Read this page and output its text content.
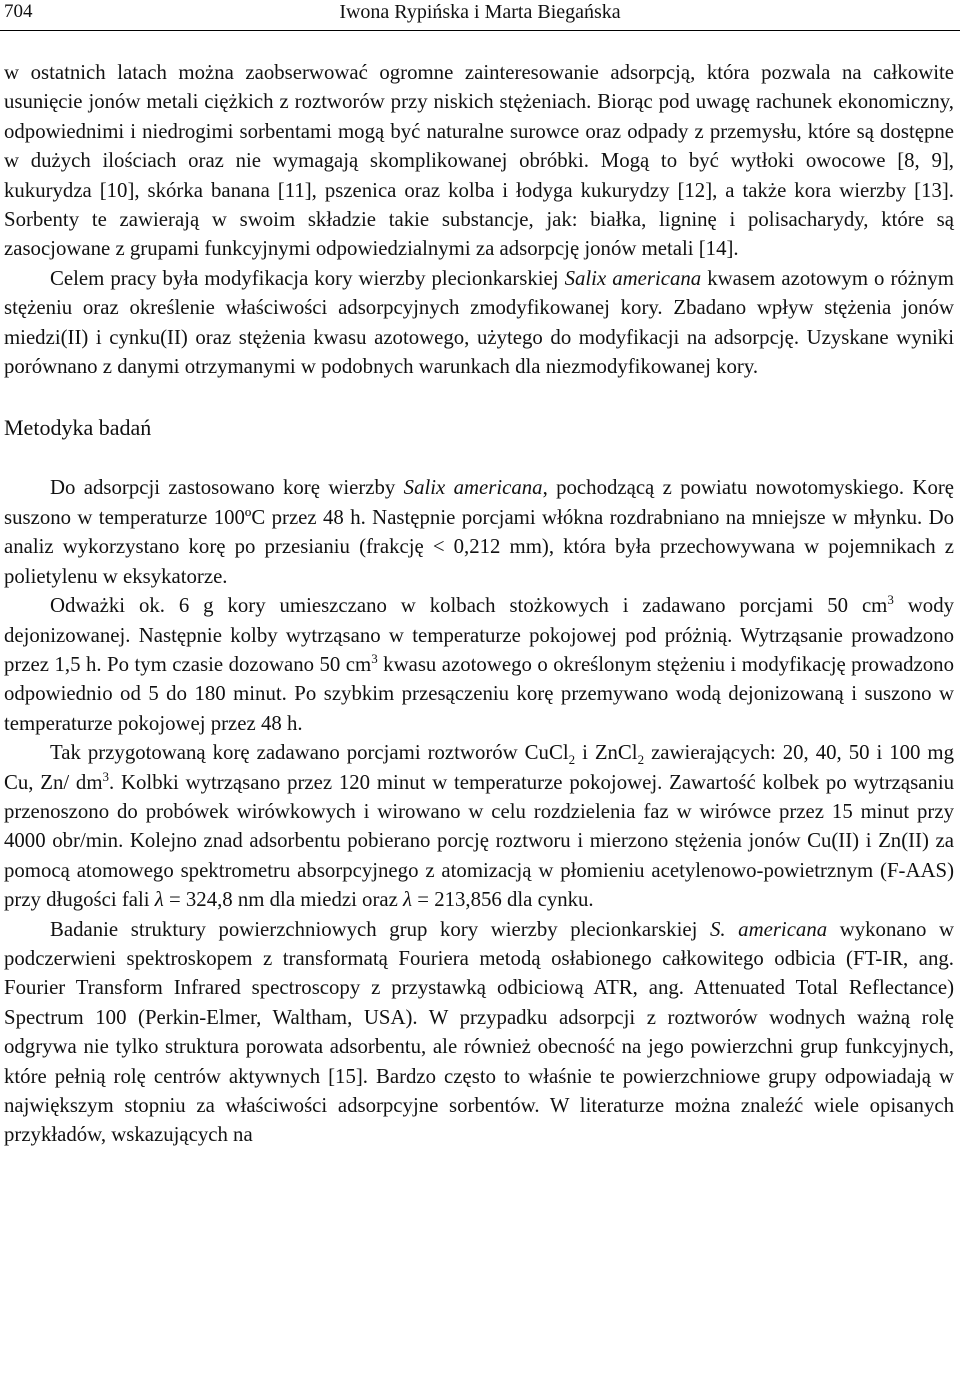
704	Iwona Rypińska i Marta Biegańska

w ostatnich latach można zaobserwować ogromne zainteresowanie adsorpcją, która pozwala na całkowite usunięcie jonów metali ciężkich z roztworów przy niskich stężeniach. Biorąc pod uwagę rachunek ekonomiczny, odpowiednimi i niedrogimi sorbentami mogą być naturalne surowce oraz odpady z przemysłu, które są dostępne w dużych ilościach oraz nie wymagają skomplikowanej obróbki. Mogą to być wytłoki owocowe [8, 9], kukurydza [10], skórka banana [11], pszenica oraz kolba i łodyga kukurydzy [12], a także kora wierzby [13]. Sorbenty te zawierają w swoim składzie takie substancje, jak: białka, ligninę i polisacharydy, które są zasocjowane z grupami funkcyjnymi odpowiedzialnymi za adsorpcję jonów metali [14].

Celem pracy była modyfikacja kory wierzby plecionkarskiej Salix americana kwasem azotowym o różnym stężeniu oraz określenie właściwości adsorpcyjnych zmodyfikowanej kory. Zbadano wpływ stężenia jonów miedzi(II) i cynku(II) oraz stężenia kwasu azotowego, użytego do modyfikacji na adsorpcję. Uzyskane wyniki porównano z danymi otrzymanymi w podobnych warunkach dla niezmodyfikowanej kory.

Metodyka badań

Do adsorpcji zastosowano korę wierzby Salix americana, pochodzącą z powiatu nowotomyskiego. Korę suszono w temperaturze 100ºC przez 48 h. Następnie porcjami włókna rozdrabniano na mniejsze w młynku. Do analiz wykorzystano korę po przesianiu (frakcję < 0,212 mm), która była przechowywana w pojemnikach z polietylenu w eksykatorze.

Odważki ok. 6 g kory umieszczano w kolbach stożkowych i zadawano porcjami 50 $cm^3$ wody dejonizowanej. Następnie kolby wytrząsano w temperaturze pokojowej pod próżnią. Wytrząsanie prowadzono przez 1,5 h. Po tym czasie dozowano 50 $cm^3$ kwasu azotowego o określonym stężeniu i modyfikację prowadzono odpowiednio od 5 do 180 minut. Po szybkim przesączeniu korę przemywano wodą dejonizowaną i suszono w temperaturze pokojowej przez 48 h.

Tak przygotowaną korę zadawano porcjami roztworów CuCl$_2$ i ZnCl$_2$ zawierających: 20, 40, 50 i 100 mg Cu, Zn/ $dm^3$. Kolbki wytrząsano przez 120 minut w temperaturze pokojowej. Zawartość kolbek po wytrząsaniu przenoszono do probówek wirówkowych i wirowano w celu rozdzielenia faz w wirówce przez 15 minut przy 4000 obr/min. Kolejno znad adsorbentu pobierano porcję roztworu i mierzono stężenia jonów Cu(II) i Zn(II) za pomocą atomowego spektrometru absorpcyjnego z atomizacją w płomieniu acetylenowo-powietrznym (F-AAS) przy długości fali λ = 324,8 nm dla miedzi oraz λ = 213,856 dla cynku.

Badanie struktury powierzchniowych grup kory wierzby plecionkarskiej S. americana wykonano w podczerwieni spektroskopem z transformatą Fouriera metodą osłabionego całkowitego odbicia (FT-IR, ang. Fourier Transform Infrared spectroscopy z przystawką odbiciową ATR, ang. Attenuated Total Reflectance) Spectrum 100 (Perkin-Elmer, Waltham, USA). W przypadku adsorpcji z roztworów wodnych ważną rolę odgrywa nie tylko struktura porowata adsorbentu, ale również obecność na jego powierzchni grup funkcyjnych, które pełnią rolę centrów aktywnych [15]. Bardzo często to właśnie te powierzchniowe grupy odpowiadają w największym stopniu za właściwości adsorpcyjne sorbentów. W literaturze można znaleźć wiele opisanych przykładów, wskazujących na
